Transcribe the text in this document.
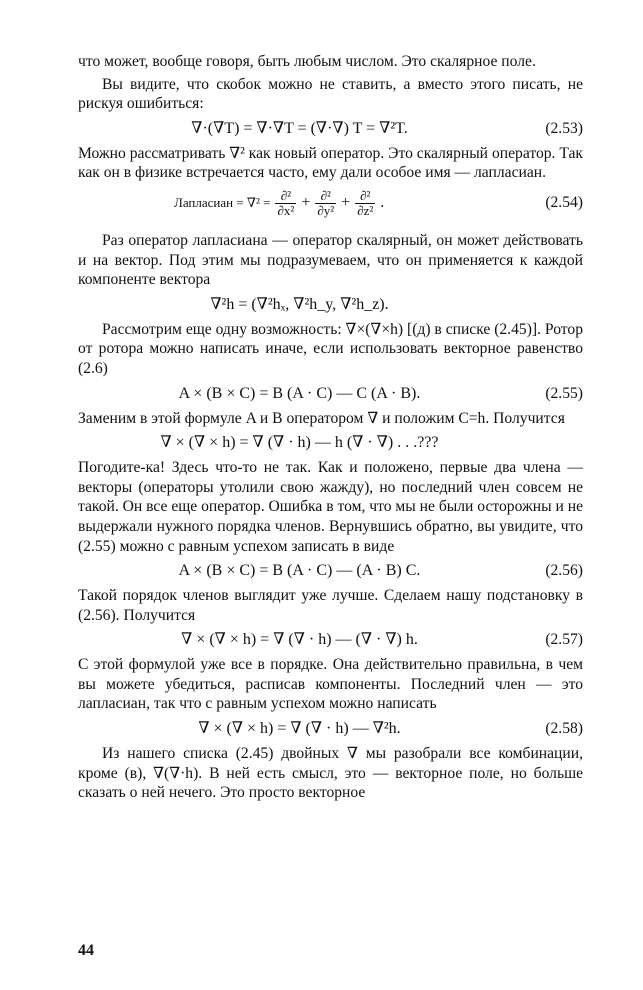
что может, вообще говоря, быть любым числом. Это скалярное поле.

Вы видите, что скобок можно не ставить, а вместо этого писать, не рискуя ошибиться:

∇·(∇T) = ∇·∇T = (∇·∇) T = ∇²T.	(2.53)

Можно рассматривать ∇² как новый оператор. Это скалярный оператор. Так как он в физике встречается часто, ему дали особое имя — лапласиан.

Лапласиан = $\nabla^2 = \frac{\text{∂²}}{\text{∂x²}} + \frac{\text{∂²}}{\text{∂y²}} + \frac{\text{∂²}}{\text{∂z²}}$ .	(2.54)

Раз оператор лапласиана — оператор скалярный, он может действовать и на вектор. Под этим мы подразумеваем, что он применяется к каждой компоненте вектора

∇²h = (∇²hₓ, ∇²h_y, ∇²h_z).

Рассмотрим еще одну возможность: ∇×(∇×h) [(д) в списке (2.45)]. Ротор от ротора можно написать иначе, если использовать векторное равенство (2.6)

A × (B × C) = B (A · C) — C (A · B).	(2.55)

Заменим в этой формуле A и B оператором ∇ и положим C=h. Получится

∇ × (∇ × h) = ∇ (∇ · h) — h (∇ · ∇) . . .???

Погодите-ка! Здесь что-то не так. Как и положено, первые два члена — векторы (операторы утолили свою жажду), но последний член совсем не такой. Он все еще оператор. Ошибка в том, что мы не были осторожны и не выдержали нужного порядка членов. Вернувшись обратно, вы увидите, что (2.55) можно с равным успехом записать в виде

A × (B × C) = B (A · C) — (A · B) C.	(2.56)

Такой порядок членов выглядит уже лучше. Сделаем нашу подстановку в (2.56). Получится

∇ × (∇ × h) = ∇ (∇ · h) — (∇ · ∇) h.	(2.57)

С этой формулой уже все в порядке. Она действительно правильна, в чем вы можете убедиться, расписав компоненты. Последний член — это лапласиан, так что с равным успехом можно написать

∇ × (∇ × h) = ∇ (∇ · h) — ∇²h.	(2.58)

Из нашего списка (2.45) двойных ∇ мы разобрали все комбинации, кроме (в), ∇(∇·h). В ней есть смысл, это — векторное поле, но больше сказать о ней нечего. Это просто векторное

44
